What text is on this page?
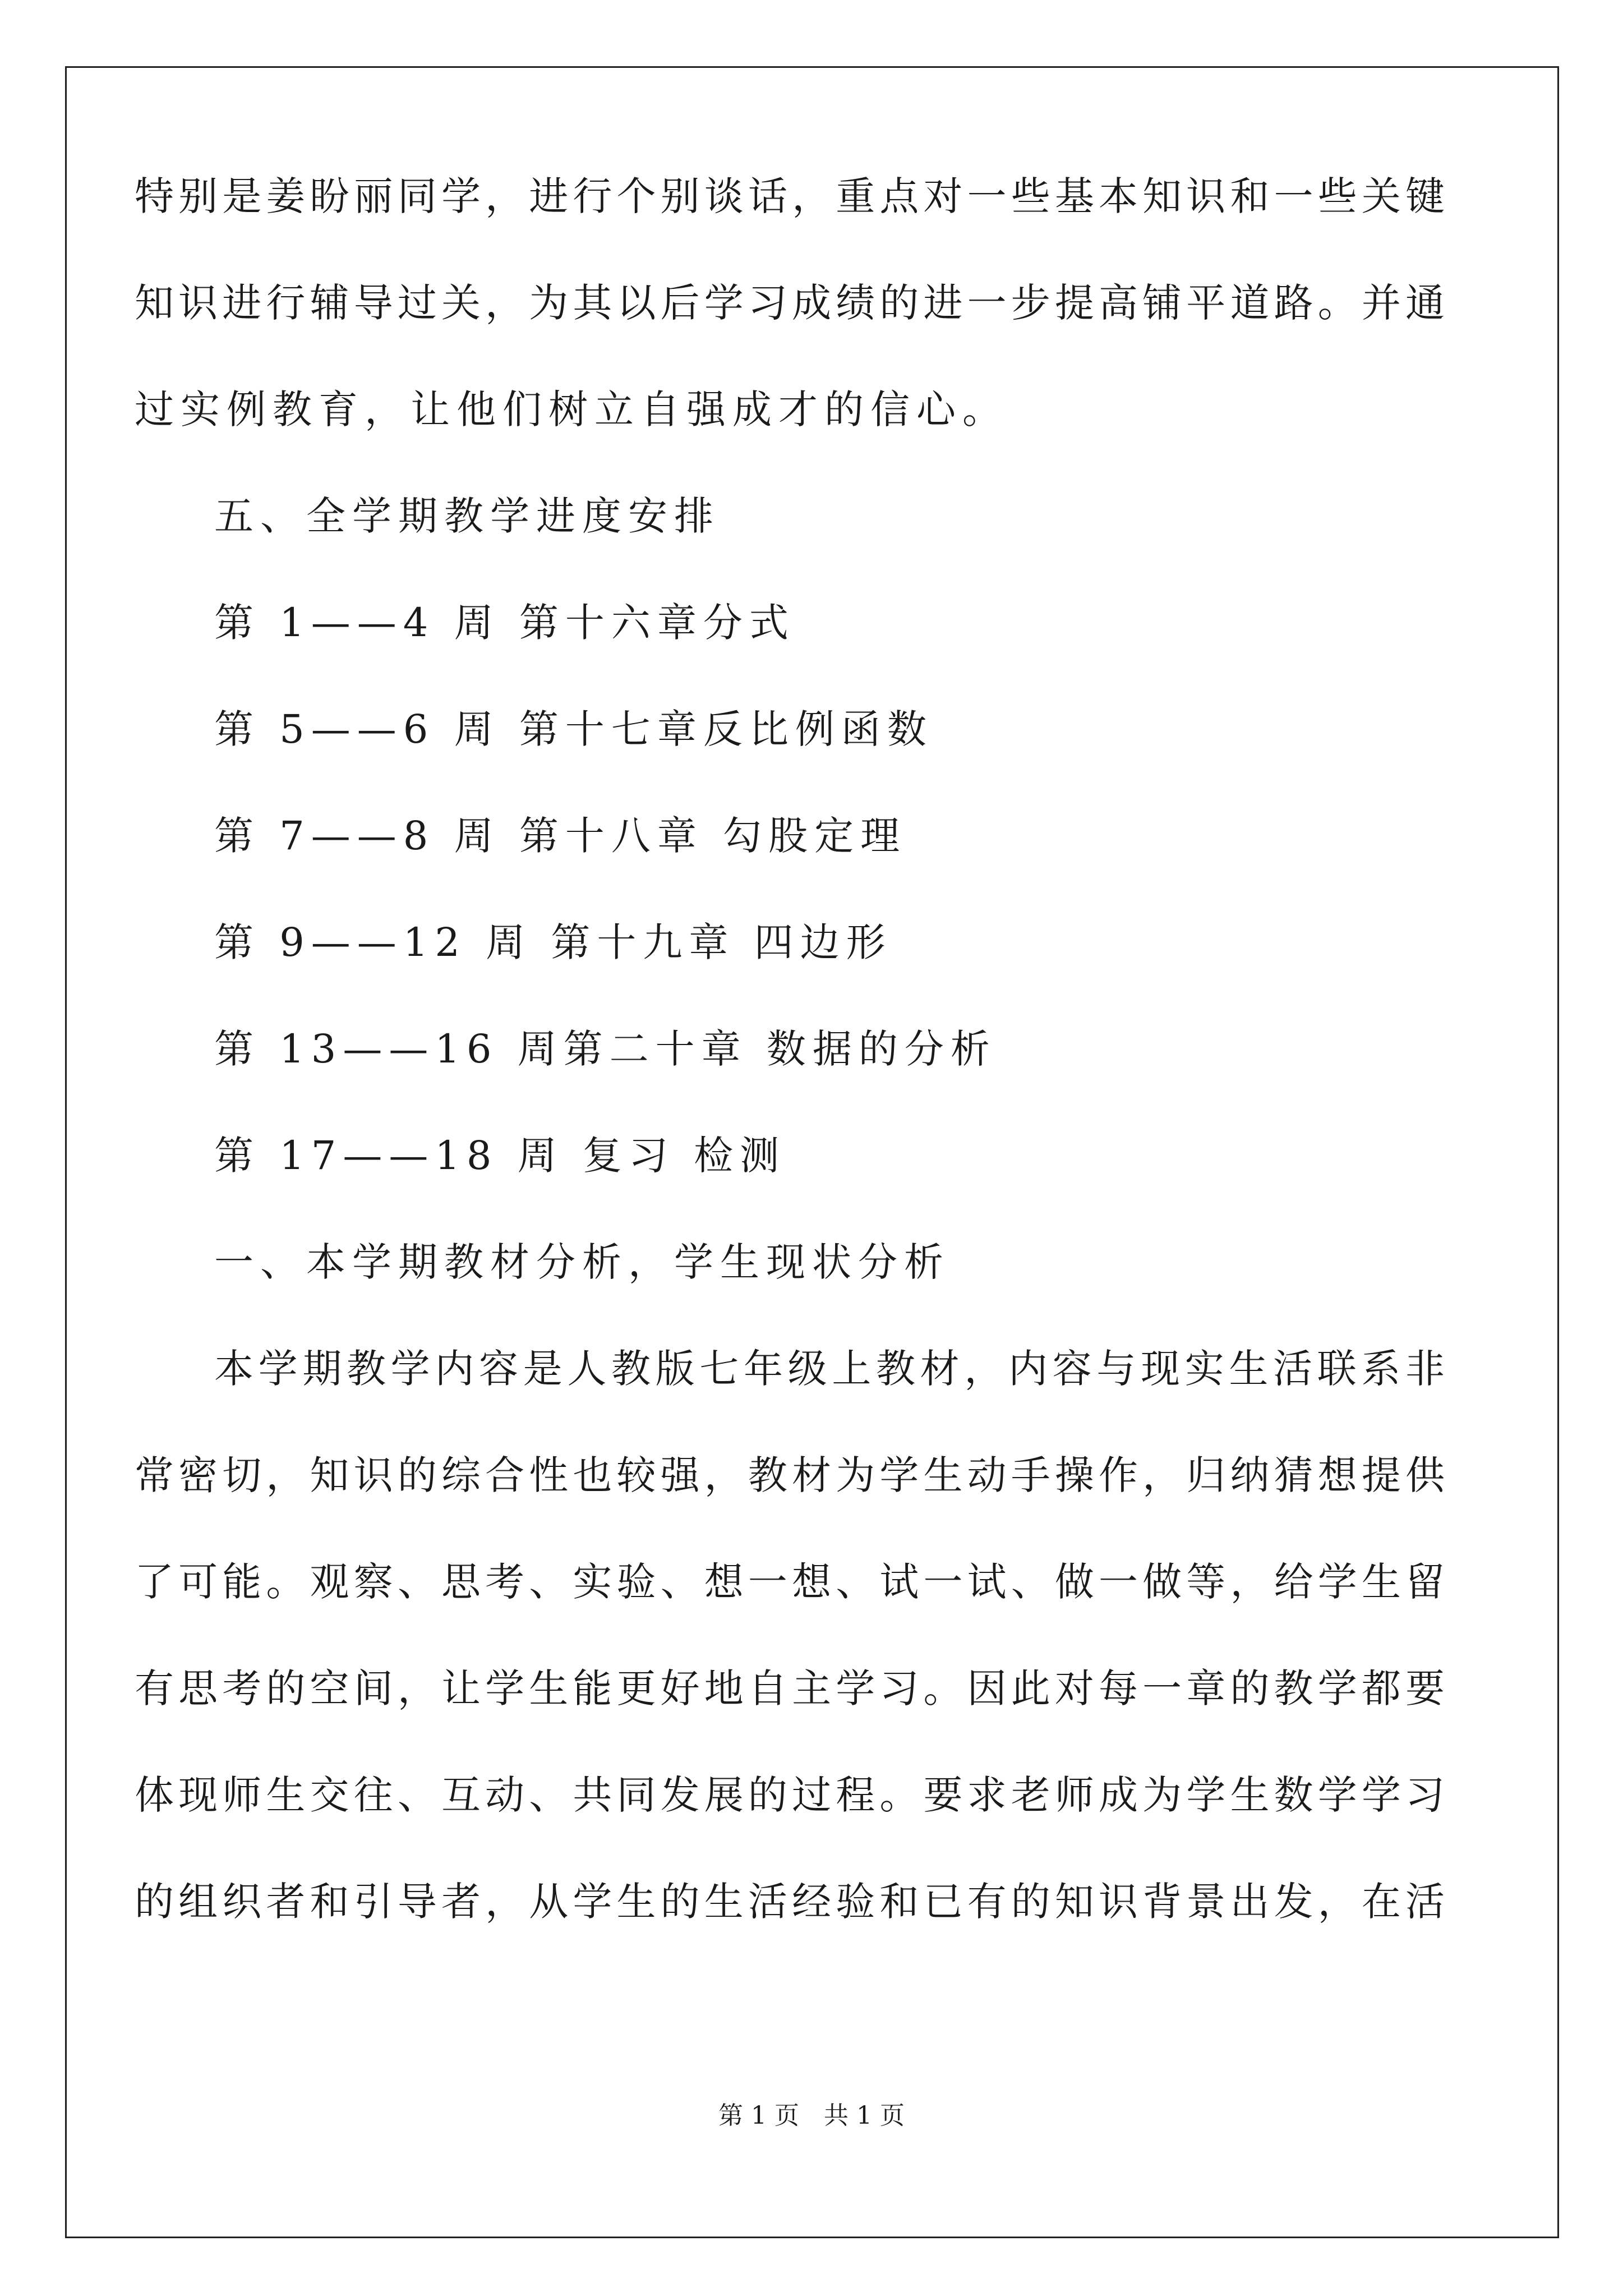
特别是姜盼丽同学，进行个别谈话，重点对一些基本知识和一些关键
知识进行辅导过关，为其以后学习成绩的进一步提高铺平道路。并通
过实例教育，让他们树立自强成才的信心。
五、全学期教学进度安排
第 1——4 周 第十六章分式
第 5——6 周 第十七章反比例函数
第 7——8 周 第十八章 勾股定理
第 9——12 周 第十九章 四边形
第 13——16 周第二十章 数据的分析
第 17——18 周 复习 检测
一、本学期教材分析，学生现状分析
本学期教学内容是人教版七年级上教材，内容与现实生活联系非
常密切，知识的综合性也较强，教材为学生动手操作，归纳猜想提供
了可能。观察、思考、实验、想一想、试一试、做一做等，给学生留
有思考的空间，让学生能更好地自主学习。因此对每一章的教学都要
体现师生交往、互动、共同发展的过程。要求老师成为学生数学学习
的组织者和引导者，从学生的生活经验和已有的知识背景出发，在活
第 1 页　共 1 页
